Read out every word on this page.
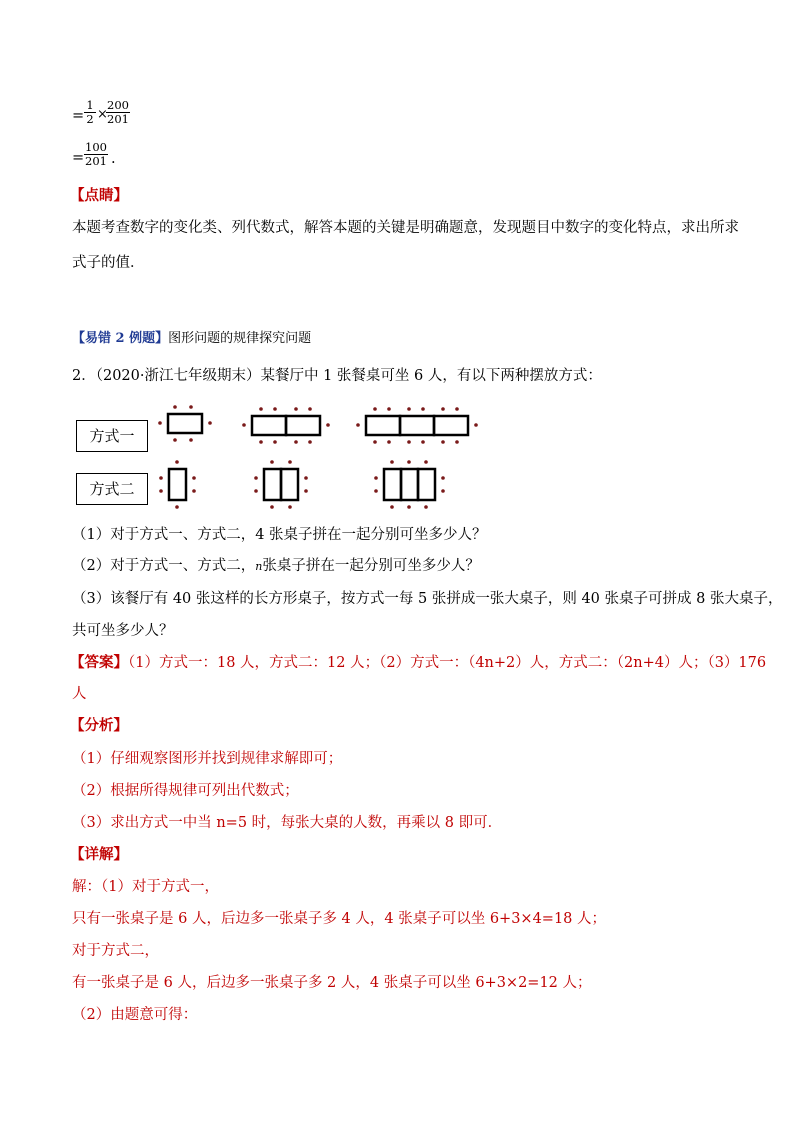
= $\frac{1}{2}$ ×
$\frac{200}{201}$
= $\frac{100}{201}$ .
【点睛】
本题考查数字的变化类、列代数式，解答本题的关键是明确题意，发现题目中数字的变化特点，求出所求
式子的值．
【易错 2 例题】图形问题的规律探究问题
2．（2020·浙江七年级期末）某餐厅中 1 张餐桌可坐 6 人，有以下两种摆放方式：
方式一
方式二
（1）对于方式一、方式二，4 张桌子拼在一起分别可坐多少人？
（2）对于方式一、方式二，n张桌子拼在一起分别可坐多少人？
（3）该餐厅有 40 张这样的长方形桌子，按方式一每 5 张拼成一张大桌子，则 40 张桌子可拼成 8 张大桌子，
共可坐多少人？
【答案】（1）方式一：18 人，方式二：12 人；（2）方式一：（4n+2）人，方式二：（2n+4）人；（3）176
人
【分析】
（1）仔细观察图形并找到规律求解即可；
（2）根据所得规律可列出代数式；
（3）求出方式一中当 n=5 时，每张大桌的人数，再乘以 8 即可．
【详解】
解：（1）对于方式一，
只有一张桌子是 6 人，后边多一张桌子多 4 人，4 张桌子可以坐 6+3×4=18 人；
对于方式二，
有一张桌子是 6 人，后边多一张桌子多 2 人，4 张桌子可以坐 6+3×2=12 人；
（2）由题意可得：
